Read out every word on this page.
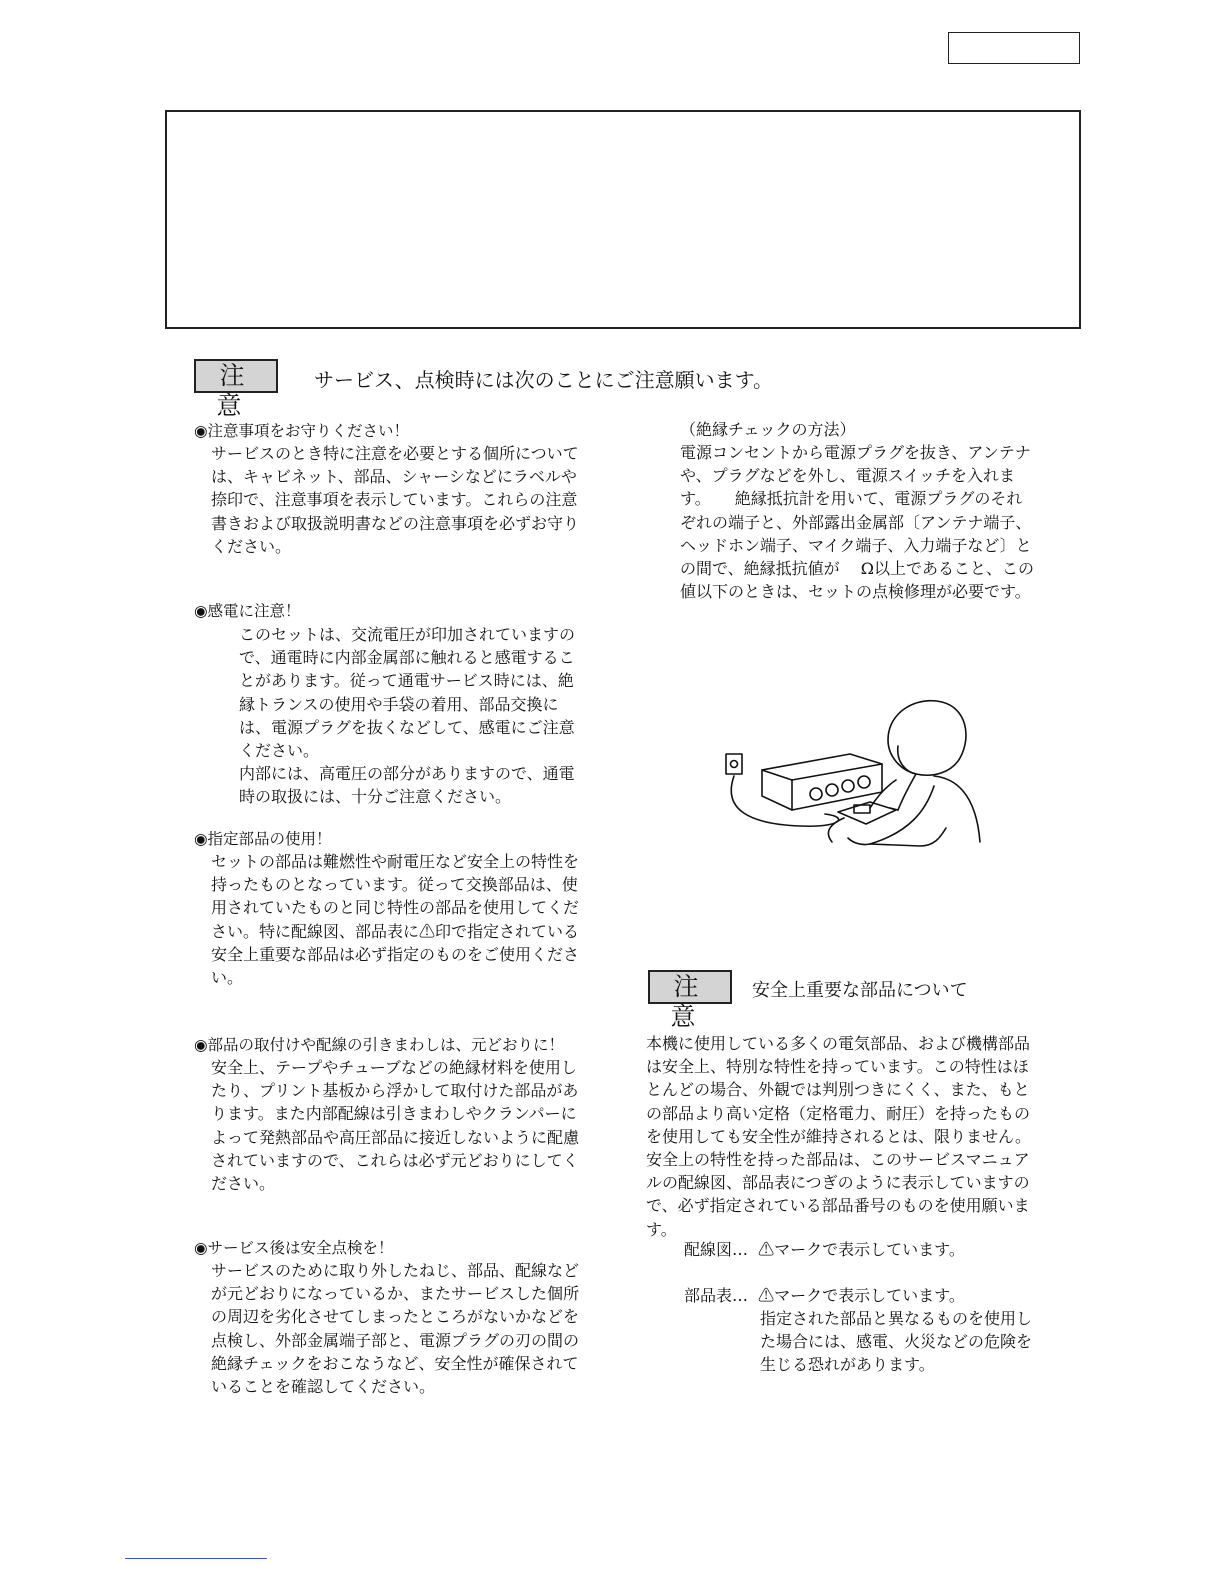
注　意
サービス、点検時には次のことにご注意願います。
◉注意事項をお守りください！
サービスのとき特に注意を必要とする個所について
は、キャビネット、部品、シャーシなどにラベルや
捺印で、注意事項を表示しています。これらの注意
書きおよび取扱説明書などの注意事項を必ずお守り
ください。
◉感電に注意！
このセットは、交流電圧が印加されていますの
で、通電時に内部金属部に触れると感電するこ
とがあります。従って通電サービス時には、絶
縁トランスの使用や手袋の着用、部品交換に
は、電源プラグを抜くなどして、感電にご注意
ください。
内部には、高電圧の部分がありますので、通電
時の取扱には、十分ご注意ください。
◉指定部品の使用！
セットの部品は難燃性や耐電圧など安全上の特性を
持ったものとなっています。従って交換部品は、使
用されていたものと同じ特性の部品を使用してくだ
さい。特に配線図、部品表に⚠印で指定されている
安全上重要な部品は必ず指定のものをご使用くださ
い。
◉部品の取付けや配線の引きまわしは、元どおりに！
安全上、テープやチューブなどの絶縁材料を使用し
たり、プリント基板から浮かして取付けた部品があ
ります。また内部配線は引きまわしやクランパーに
よって発熱部品や高圧部品に接近しないように配慮
されていますので、これらは必ず元どおりにしてく
ださい。
◉サービス後は安全点検を！
サービスのために取り外したねじ、部品、配線など
が元どおりになっているか、またサービスした個所
の周辺を劣化させてしまったところがないかなどを
点検し、外部金属端子部と、電源プラグの刃の間の
絶縁チェックをおこなうなど、安全性が確保されて
いることを確認してください。
（絶縁チェックの方法）
電源コンセントから電源プラグを抜き、アンテナ
や、プラグなどを外し、電源スイッチを入れま
す。　　絶縁抵抗計を用いて、電源プラグのそれ
ぞれの端子と、外部露出金属部〔アンテナ端子、
ヘッドホン端子、マイク端子、入力端子など〕と
の間で、絶縁抵抗値が　 Ω以上であること、この
値以下のときは、セットの点検修理が必要です。
注　意
安全上重要な部品について
本機に使用している多くの電気部品、および機構部品
は安全上、特別な特性を持っています。この特性はほ
とんどの場合、外観では判別つきにくく、また、もと
の部品より高い定格（定格電力、耐圧）を持ったもの
を使用しても安全性が維持されるとは、限りません。
安全上の特性を持った部品は、このサービスマニュア
ルの配線図、部品表につぎのように表示していますの
で、必ず指定されている部品番号のものを使用願いま
す。
配線図…  ⚠マークで表示しています。
部品表…  ⚠マークで表示しています。
指定された部品と異なるものを使用し
た場合には、感電、火災などの危険を
生じる恐れがあります。
